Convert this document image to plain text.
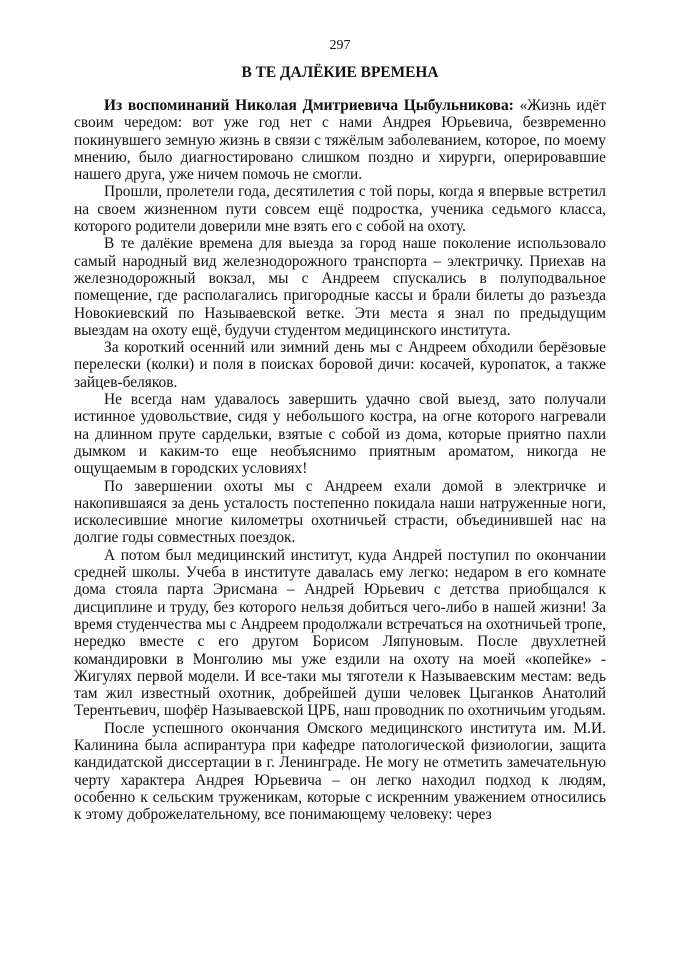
297
В ТЕ ДАЛЁКИЕ ВРЕМЕНА

Из воспоминаний Николая Дмитриевича Цыбульникова: «Жизнь идёт своим чередом: вот уже год нет с нами Андрея Юрьевича, безвременно покинувшего земную жизнь в связи с тяжёлым заболеванием, которое, по моему мнению, было диагностировано слишком поздно и хирурги, оперировавшие нашего друга, уже ничем помочь не смогли.

Прошли, пролетели года, десятилетия с той поры, когда я впервые встретил на своем жизненном пути совсем ещё подростка, ученика седьмого класса, которого родители доверили мне взять его с собой на охоту.

В те далёкие времена для выезда за город наше поколение использовало самый народный вид железнодорожного транспорта – электричку. Приехав на железнодорожный вокзал, мы с Андреем спускались в полуподвальное помещение, где располагались пригородные кассы и брали билеты до разъезда Новокиевский по Называевской ветке. Эти места я знал по предыдущим выездам на охоту ещё, будучи студентом медицинского института.

За короткий осенний или зимний день мы с Андреем обходили берёзовые перелески (колки) и поля в поисках боровой дичи: косачей, куропаток, а также зайцев-беляков.

Не всегда нам удавалось завершить удачно свой выезд, зато получали истинное удовольствие, сидя у небольшого костра, на огне которого нагревали на длинном пруте сардельки, взятые с собой из дома, которые приятно пахли дымком и каким-то еще необъяснимо приятным ароматом, никогда не ощущаемым в городских условиях!

По завершении охоты мы с Андреем ехали домой в электричке и накопившаяся за день усталость постепенно покидала наши натруженные ноги, исколесившие многие километры охотничьей страсти, объединившей нас на долгие годы совместных поездок.

А потом был медицинский институт, куда Андрей поступил по окончании средней школы. Учеба в институте давалась ему легко: недаром в его комнате дома стояла парта Эрисмана – Андрей Юрьевич с детства приобщался к дисциплине и труду, без которого нельзя добиться чего-либо в нашей жизни! За время студенчества мы с Андреем продолжали встречаться на охотничьей тропе, нередко вместе с его другом Борисом Ляпуновым. После двухлетней командировки в Монголию мы уже ездили на охоту на моей «копейке» - Жигулях первой модели. И все-таки мы тяготели к Называевским местам: ведь там жил известный охотник, добрейшей души человек Цыганков Анатолий Терентьевич, шофёр Называевской ЦРБ, наш проводник по охотничьим угодьям.

После успешного окончания Омского медицинского института им. М.И. Калинина была аспирантура при кафедре патологической физиологии, защита кандидатской диссертации в г. Ленинграде. Не могу не отметить замечательную черту характера Андрея Юрьевича – он легко находил подход к людям, особенно к сельским труженикам, которые с искренним уважением относились к этому доброжелательному, все понимающему человеку: через
